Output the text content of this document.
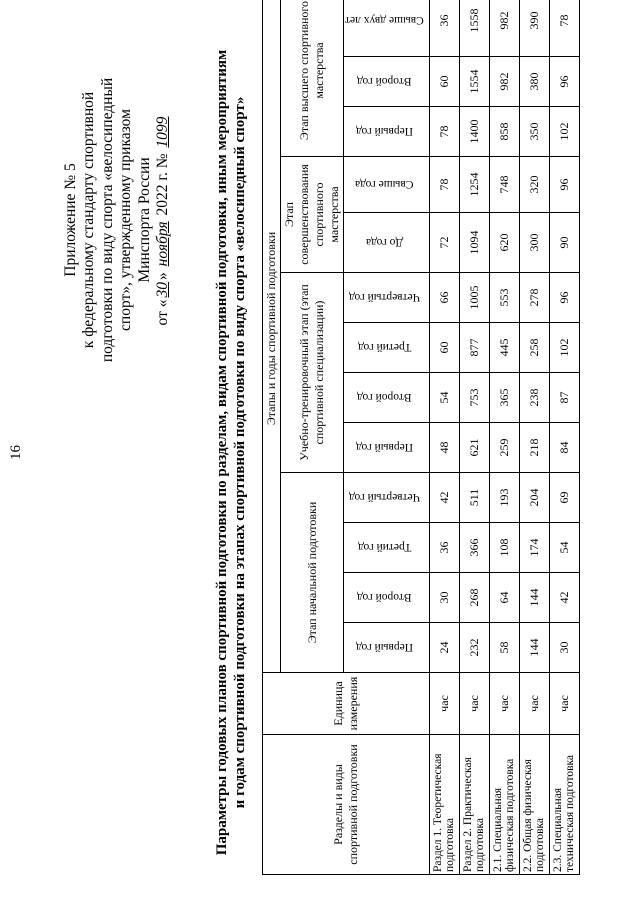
16
Приложение № 5 к федеральному стандарту спортивной подготовки по виду спорта «велосипедный спорт», утвержденному приказом Минспорта России
от «30» ноября 2022 г. № 1099	Параметры годовых планов спортивной подготовки по разделам, видам спортивной подготовки, иным мероприятиям и годам спортивной подготовки на этапах спортивной подготовки по виду спорта «велосипедный спорт»	Разделы и виды спортивной подготовки	Единица измерения	Этапы и годы спортивной подготовки												
		Этап начальной подготовки				Учебно-тренировочный этап (этап спортивной специализации)				Этап совершенствования спортивного мастерства		Этап высшего спортивного мастерства		
		Первый год	Второй год	Третий год	Четвертый год	Первый год	Второй год	Третий год	Четвертый год	До года	Свыше года	Первый год	Второй год	Свыше двух лет
Раздел 1. Теоретическая подготовка	час	24	30	36	42	48	54	60	66	72	78	78	60	36
Раздел 2. Практическая подготовка	час	232	268	366	511	621	753	877	1005	1094	1254	1400	1554	1558
2.1. Специальная физическая подготовка	час	58	64	108	193	259	365	445	553	620	748	858	982	982
2.2. Общая физическая подготовка	час	144	144	174	204	218	238	258	278	300	320	350	380	390
2.3. Специальная техническая подготовка	час	30	42	54	69	84	87	102	96	90	96	102	96	78
